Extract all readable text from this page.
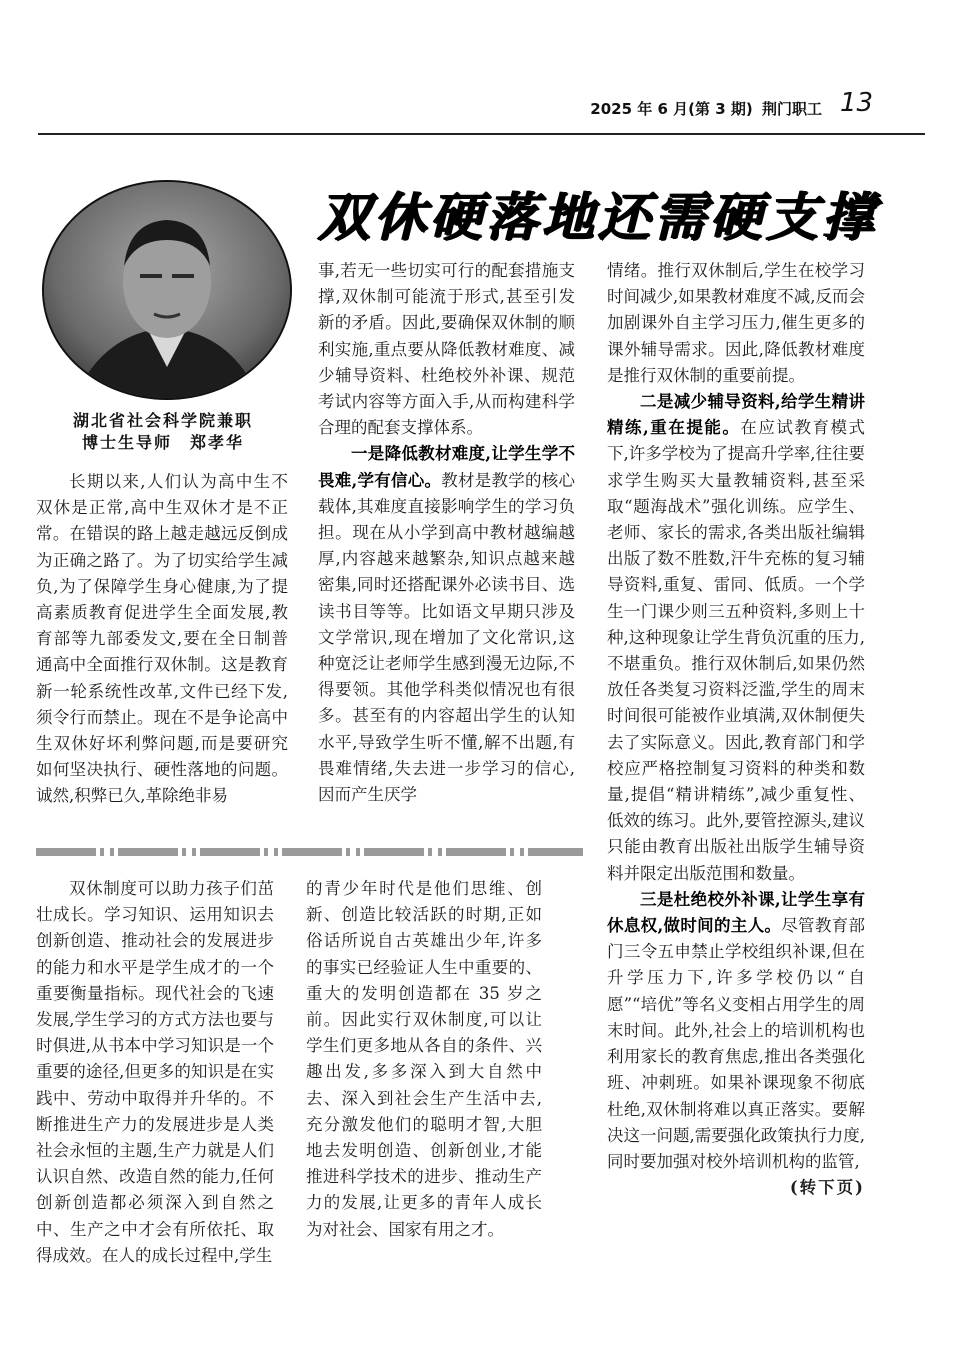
2025 年 6 月(第 3 期) 荆门职工 13
双休硬落地还需硬支撑
湖北省社会科学院兼职
博士生导师　郑孝华

长期以来,人们认为高中生不双休是正常,高中生双休才是不正常。在错误的路上越走越远反倒成为正确之路了。为了切实给学生减负,为了保障学生身心健康,为了提高素质教育促进学生全面发展,教育部等九部委发文,要在全日制普通高中全面推行双休制。这是教育新一轮系统性改革,文件已经下发,须令行而禁止。现在不是争论高中生双休好坏利弊问题,而是要研究如何坚决执行、硬性落地的问题。诚然,积弊已久,革除绝非易

事,若无一些切实可行的配套措施支撑,双休制可能流于形式,甚至引发新的矛盾。因此,要确保双休制的顺利实施,重点要从降低教材难度、减少辅导资料、杜绝校外补课、规范考试内容等方面入手,从而构建科学合理的配套支撑体系。

一是降低教材难度,让学生学不畏难,学有信心。教材是教学的核心载体,其难度直接影响学生的学习负担。现在从小学到高中教材越编越厚,内容越来越繁杂,知识点越来越密集,同时还搭配课外必读书目、选读书目等等。比如语文早期只涉及文学常识,现在增加了文化常识,这种宽泛让老师学生感到漫无边际,不得要领。其他学科类似情况也有很多。甚至有的内容超出学生的认知水平,导致学生听不懂,解不出题,有畏难情绪,失去进一步学习的信心,因而产生厌学

情绪。推行双休制后,学生在校学习时间减少,如果教材难度不减,反而会加剧课外自主学习压力,催生更多的课外辅导需求。因此,降低教材难度是推行双休制的重要前提。

二是减少辅导资料,给学生精讲精练,重在提能。在应试教育模式下,许多学校为了提高升学率,往往要求学生购买大量教辅资料,甚至采取“题海战术”强化训练。应学生、老师、家长的需求,各类出版社编辑出版了数不胜数,汗牛充栋的复习辅导资料,重复、雷同、低质。一个学生一门课少则三五种资料,多则上十种,这种现象让学生背负沉重的压力,不堪重负。推行双休制后,如果仍然放任各类复习资料泛滥,学生的周末时间很可能被作业填满,双休制便失去了实际意义。因此,教育部门和学校应严格控制复习资料的种类和数量,提倡“精讲精练”,减少重复性、低效的练习。此外,要管控源头,建议只能由教育出版社出版学生辅导资料并限定出版范围和数量。

三是杜绝校外补课,让学生享有休息权,做时间的主人。尽管教育部门三令五申禁止学校组织补课,但在升学压力下,许多学校仍以“自愿”“培优”等名义变相占用学生的周末时间。此外,社会上的培训机构也利用家长的教育焦虑,推出各类强化班、冲刺班。如果补课现象不彻底杜绝,双休制将难以真正落实。要解决这一问题,需要强化政策执行力度,同时要加强对校外培训机构的监管,
(转下页)

双休制度可以助力孩子们茁壮成长。学习知识、运用知识去创新创造、推动社会的发展进步的能力和水平是学生成才的一个重要衡量指标。现代社会的飞速发展,学生学习的方式方法也要与时俱进,从书本中学习知识是一个重要的途径,但更多的知识是在实践中、劳动中取得并升华的。不断推进生产力的发展进步是人类社会永恒的主题,生产力就是人们认识自然、改造自然的能力,任何创新创造都必须深入到自然之中、生产之中才会有所依托、取得成效。在人的成长过程中,学生

的青少年时代是他们思维、创新、创造比较活跃的时期,正如俗话所说自古英雄出少年,许多的事实已经验证人生中重要的、重大的发明创造都在 35 岁之前。因此实行双休制度,可以让学生们更多地从各自的条件、兴趣出发,多多深入到大自然中去、深入到社会生产生活中去,充分激发他们的聪明才智,大胆地去发明创造、创新创业,才能推进科学技术的进步、推动生产力的发展,让更多的青年人成长为对社会、国家有用之才。
